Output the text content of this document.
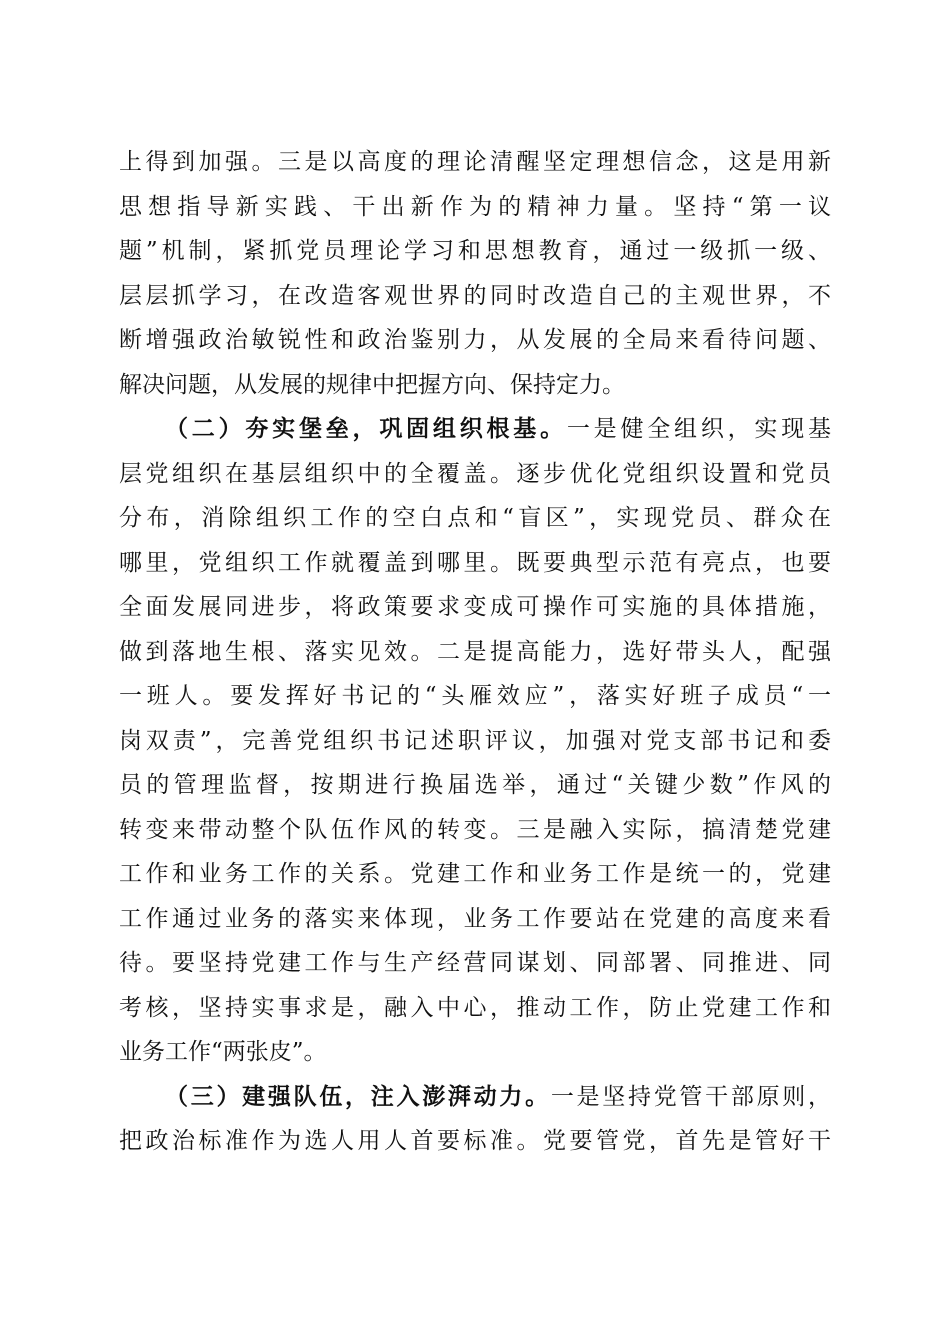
上得到加强。三是以高度的理论清醒坚定理想信念，这是用新
思想指导新实践、干出新作为的精神力量。坚持“第一议
题”机制，紧抓党员理论学习和思想教育，通过一级抓一级、
层层抓学习，在改造客观世界的同时改造自己的主观世界，不
断增强政治敏锐性和政治鉴别力，从发展的全局来看待问题、
解决问题，从发展的规律中把握方向、保持定力。
（二）夯实堡垒，巩固组织根基。一是健全组织，实现基
层党组织在基层组织中的全覆盖。逐步优化党组织设置和党员
分布，消除组织工作的空白点和“盲区”，实现党员、群众在
哪里，党组织工作就覆盖到哪里。既要典型示范有亮点，也要
全面发展同进步，将政策要求变成可操作可实施的具体措施，
做到落地生根、落实见效。二是提高能力，选好带头人，配强
一班人。要发挥好书记的“头雁效应”，落实好班子成员“一
岗双责”，完善党组织书记述职评议，加强对党支部书记和委
员的管理监督，按期进行换届选举，通过“关键少数”作风的
转变来带动整个队伍作风的转变。三是融入实际，搞清楚党建
工作和业务工作的关系。党建工作和业务工作是统一的，党建
工作通过业务的落实来体现，业务工作要站在党建的高度来看
待。要坚持党建工作与生产经营同谋划、同部署、同推进、同
考核，坚持实事求是，融入中心，推动工作，防止党建工作和
业务工作“两张皮”。
（三）建强队伍，注入澎湃动力。一是坚持党管干部原则，
把政治标准作为选人用人首要标准。党要管党，首先是管好干
